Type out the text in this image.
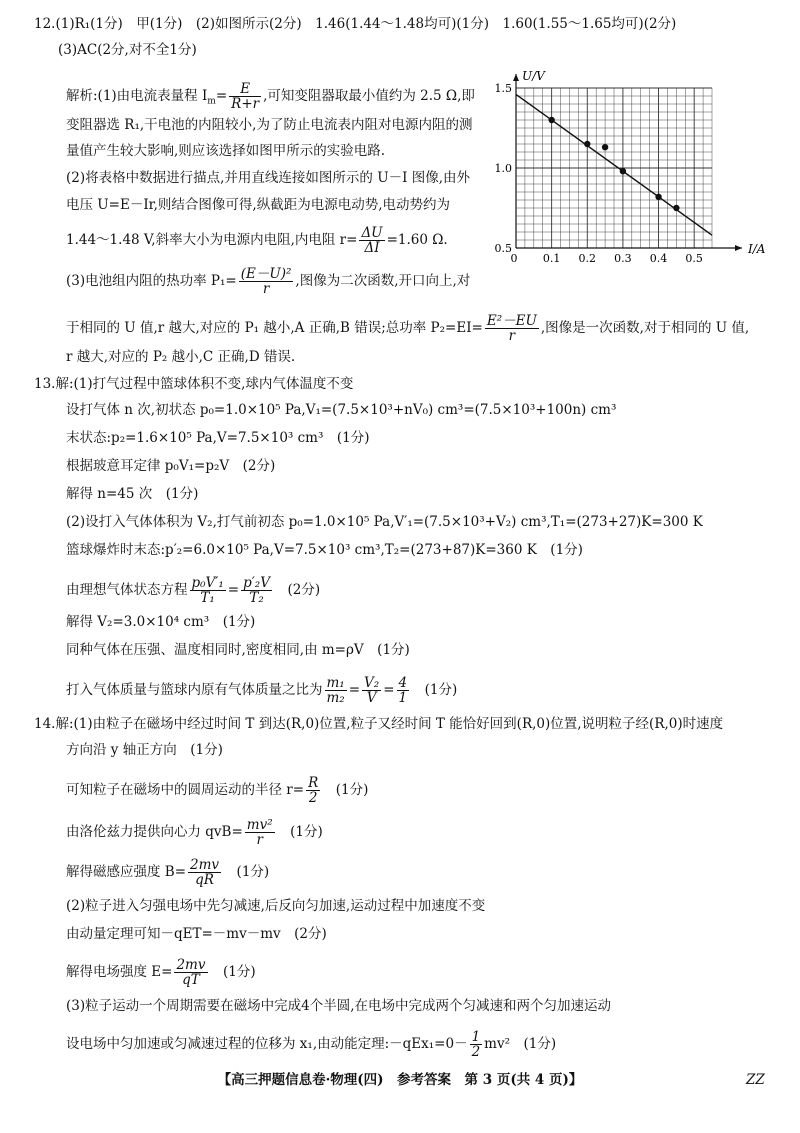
12.(1)R₁(1分)　甲(1分)　(2)如图所示(2分)　1.46(1.44～1.48均可)(1分)　1.60(1.55～1.65均可)(2分)
(3)AC(2分,对不全1分)
解析:(1)由电流表量程 $I_m= \frac{E}{R+r}$ ,可知变阻器取最小值约为 2.5 Ω,即
变阻器选 R₁,干电池的内阻较小,为了防止电流表内阻对电源内阻的测
量值产生较大影响,则应该选择如图甲所示的实验电路.
(2)将表格中数据进行描点,并用直线连接如图所示的 U－I 图像,由外
电压 U=E－Ir,则结合图像可得,纵截距为电源电动势,电动势约为
1.44～1.48 V,斜率大小为电源内电阻,内电阻 $r= \frac{\Delta U}{\Delta I} =1.60$ Ω.
(3)电池组内阻的热功率 $P_1= \frac{\text{(E－U)²}}{r}$ ,图像为二次函数,开口向上,对
于相同的 U 值,r 越大,对应的 P₁ 越小,A 正确,B 错误;总功率 $P_2=EI= \frac{\text{E²－EU}}{r}$ ,图像是一次函数,对于相同的 U 值,
r 越大,对应的 P₂ 越小,C 正确,D 错误.
0.1 0.2 0.3 0.4 0.5
0
0.5
1.0
1.5
I/A
U/V
13.解:(1)打气过程中篮球体积不变,球内气体温度不变
设打气体 n 次,初状态 p₀=1.0×10⁵ Pa,V₁=(7.5×10³+nV₀) cm³=(7.5×10³+100n) cm³
末状态:p₂=1.6×10⁵ Pa,V=7.5×10³ cm³　(1分)
根据玻意耳定律 p₀V₁=p₂V　(2分)
解得 n=45 次　(1分)
(2)设打入气体体积为 V₂,打气前初态 p₀=1.0×10⁵ Pa,V′₁=(7.5×10³+V₂) cm³,T₁=(273+27)K=300 K
篮球爆炸时末态:p′₂=6.0×10⁵ Pa,V=7.5×10³ cm³,T₂=(273+87)K=360 K　(1分)
由理想气体状态方程 $\frac{\text{p₀V′₁}}{\text{T₁}} = \frac{\text{p′₂V}}{\text{T₂}}$ 　(2分)
解得 V₂=3.0×10⁴ cm³　(1分)
同种气体在压强、温度相同时,密度相同,由 m=ρV　(1分)
打入气体质量与篮球内原有气体质量之比为 $\frac{\text{m₁}}{\text{m₂}} = \frac{\text{V₂}}{V} = \frac{4}{1}$ 　(1分)
14.解:(1)由粒子在磁场中经过时间 T 到达(R,0)位置,粒子又经时间 T 能恰好回到(R,0)位置,说明粒子经(R,0)时速度
方向沿 y 轴正方向　(1分)
可知粒子在磁场中的圆周运动的半径 $r= \frac{R}{2}$ 　(1分)
由洛伦兹力提供向心力 $qvB= \frac{\text{mv²}}{r}$ 　(1分)
解得磁感应强度 $B= \frac{2mv}{qR}$ 　(1分)
(2)粒子进入匀强电场中先匀减速,后反向匀加速,运动过程中加速度不变
由动量定理可知－qET=－mv－mv　(2分)
解得电场强度 $E= \frac{2mv}{qT}$ 　(1分)
(3)粒子运动一个周期需要在磁场中完成4个半圆,在电场中完成两个匀减速和两个匀加速运动
设电场中匀加速或匀减速过程的位移为 x₁,由动能定理:－qEx₁=0－ $\frac{1}{2} mv^2$　(1分)
【高三押题信息卷·物理(四)　参考答案　第 3 页(共 4 页)】	ZZ
